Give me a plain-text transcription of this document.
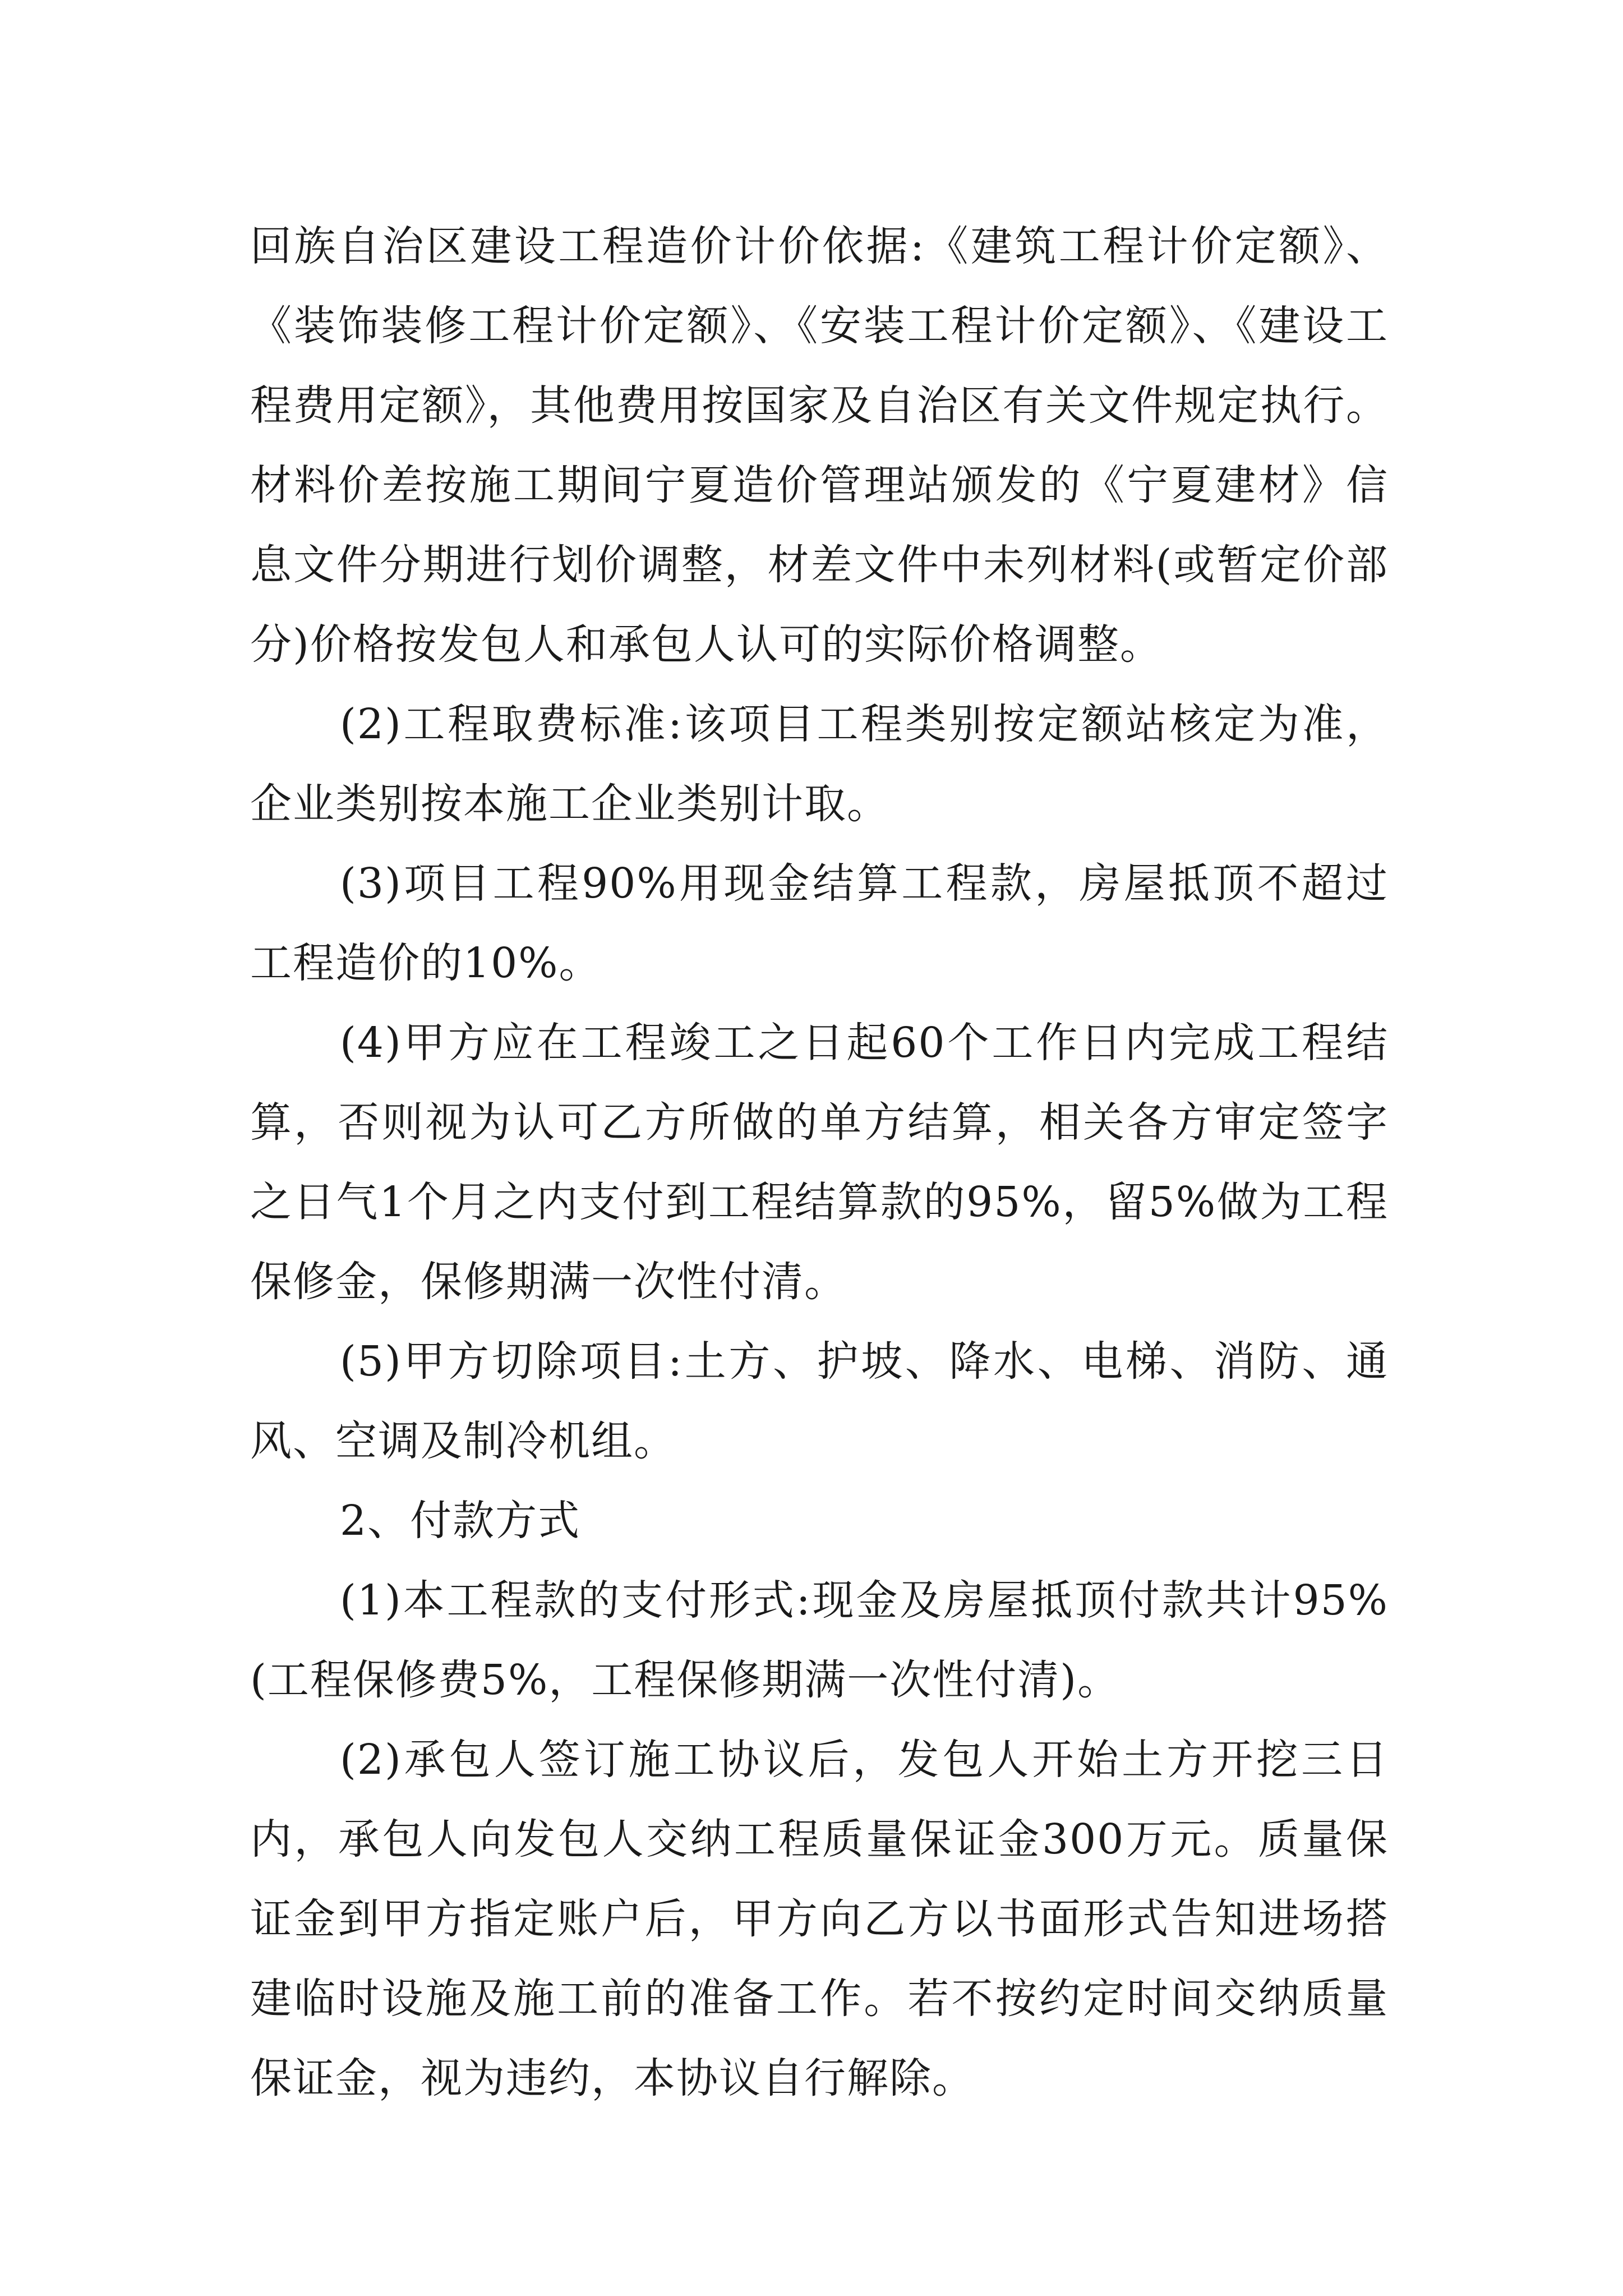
回族自治区建设工程造价计价依据:《建筑工程计价定额》、《装饰装修工程计价定额》、《安装工程计价定额》、《建设工程费用定额》，其他费用按国家及自治区有关文件规定执行。材料价差按施工期间宁夏造价管理站颁发的《宁夏建材》信息文件分期进行划价调整，材差文件中未列材料(或暂定价部分)价格按发包人和承包人认可的实际价格调整。

(2)工程取费标准:该项目工程类别按定额站核定为准，企业类别按本施工企业类别计取。

(3)项目工程90%用现金结算工程款，房屋抵顶不超过工程造价的10%。

(4)甲方应在工程竣工之日起60个工作日内完成工程结算，否则视为认可乙方所做的单方结算，相关各方审定签字之日气1个月之内支付到工程结算款的95%，留5%做为工程保修金，保修期满一次性付清。

(5)甲方切除项目:土方、护坡、降水、电梯、消防、通风、空调及制冷机组。

2、付款方式

(1)本工程款的支付形式:现金及房屋抵顶付款共计95%(工程保修费5%，工程保修期满一次性付清)。

(2)承包人签订施工协议后，发包人开始土方开挖三日内，承包人向发包人交纳工程质量保证金300万元。质量保证金到甲方指定账户后，甲方向乙方以书面形式告知进场搭建临时设施及施工前的准备工作。若不按约定时间交纳质量保证金，视为违约，本协议自行解除。
